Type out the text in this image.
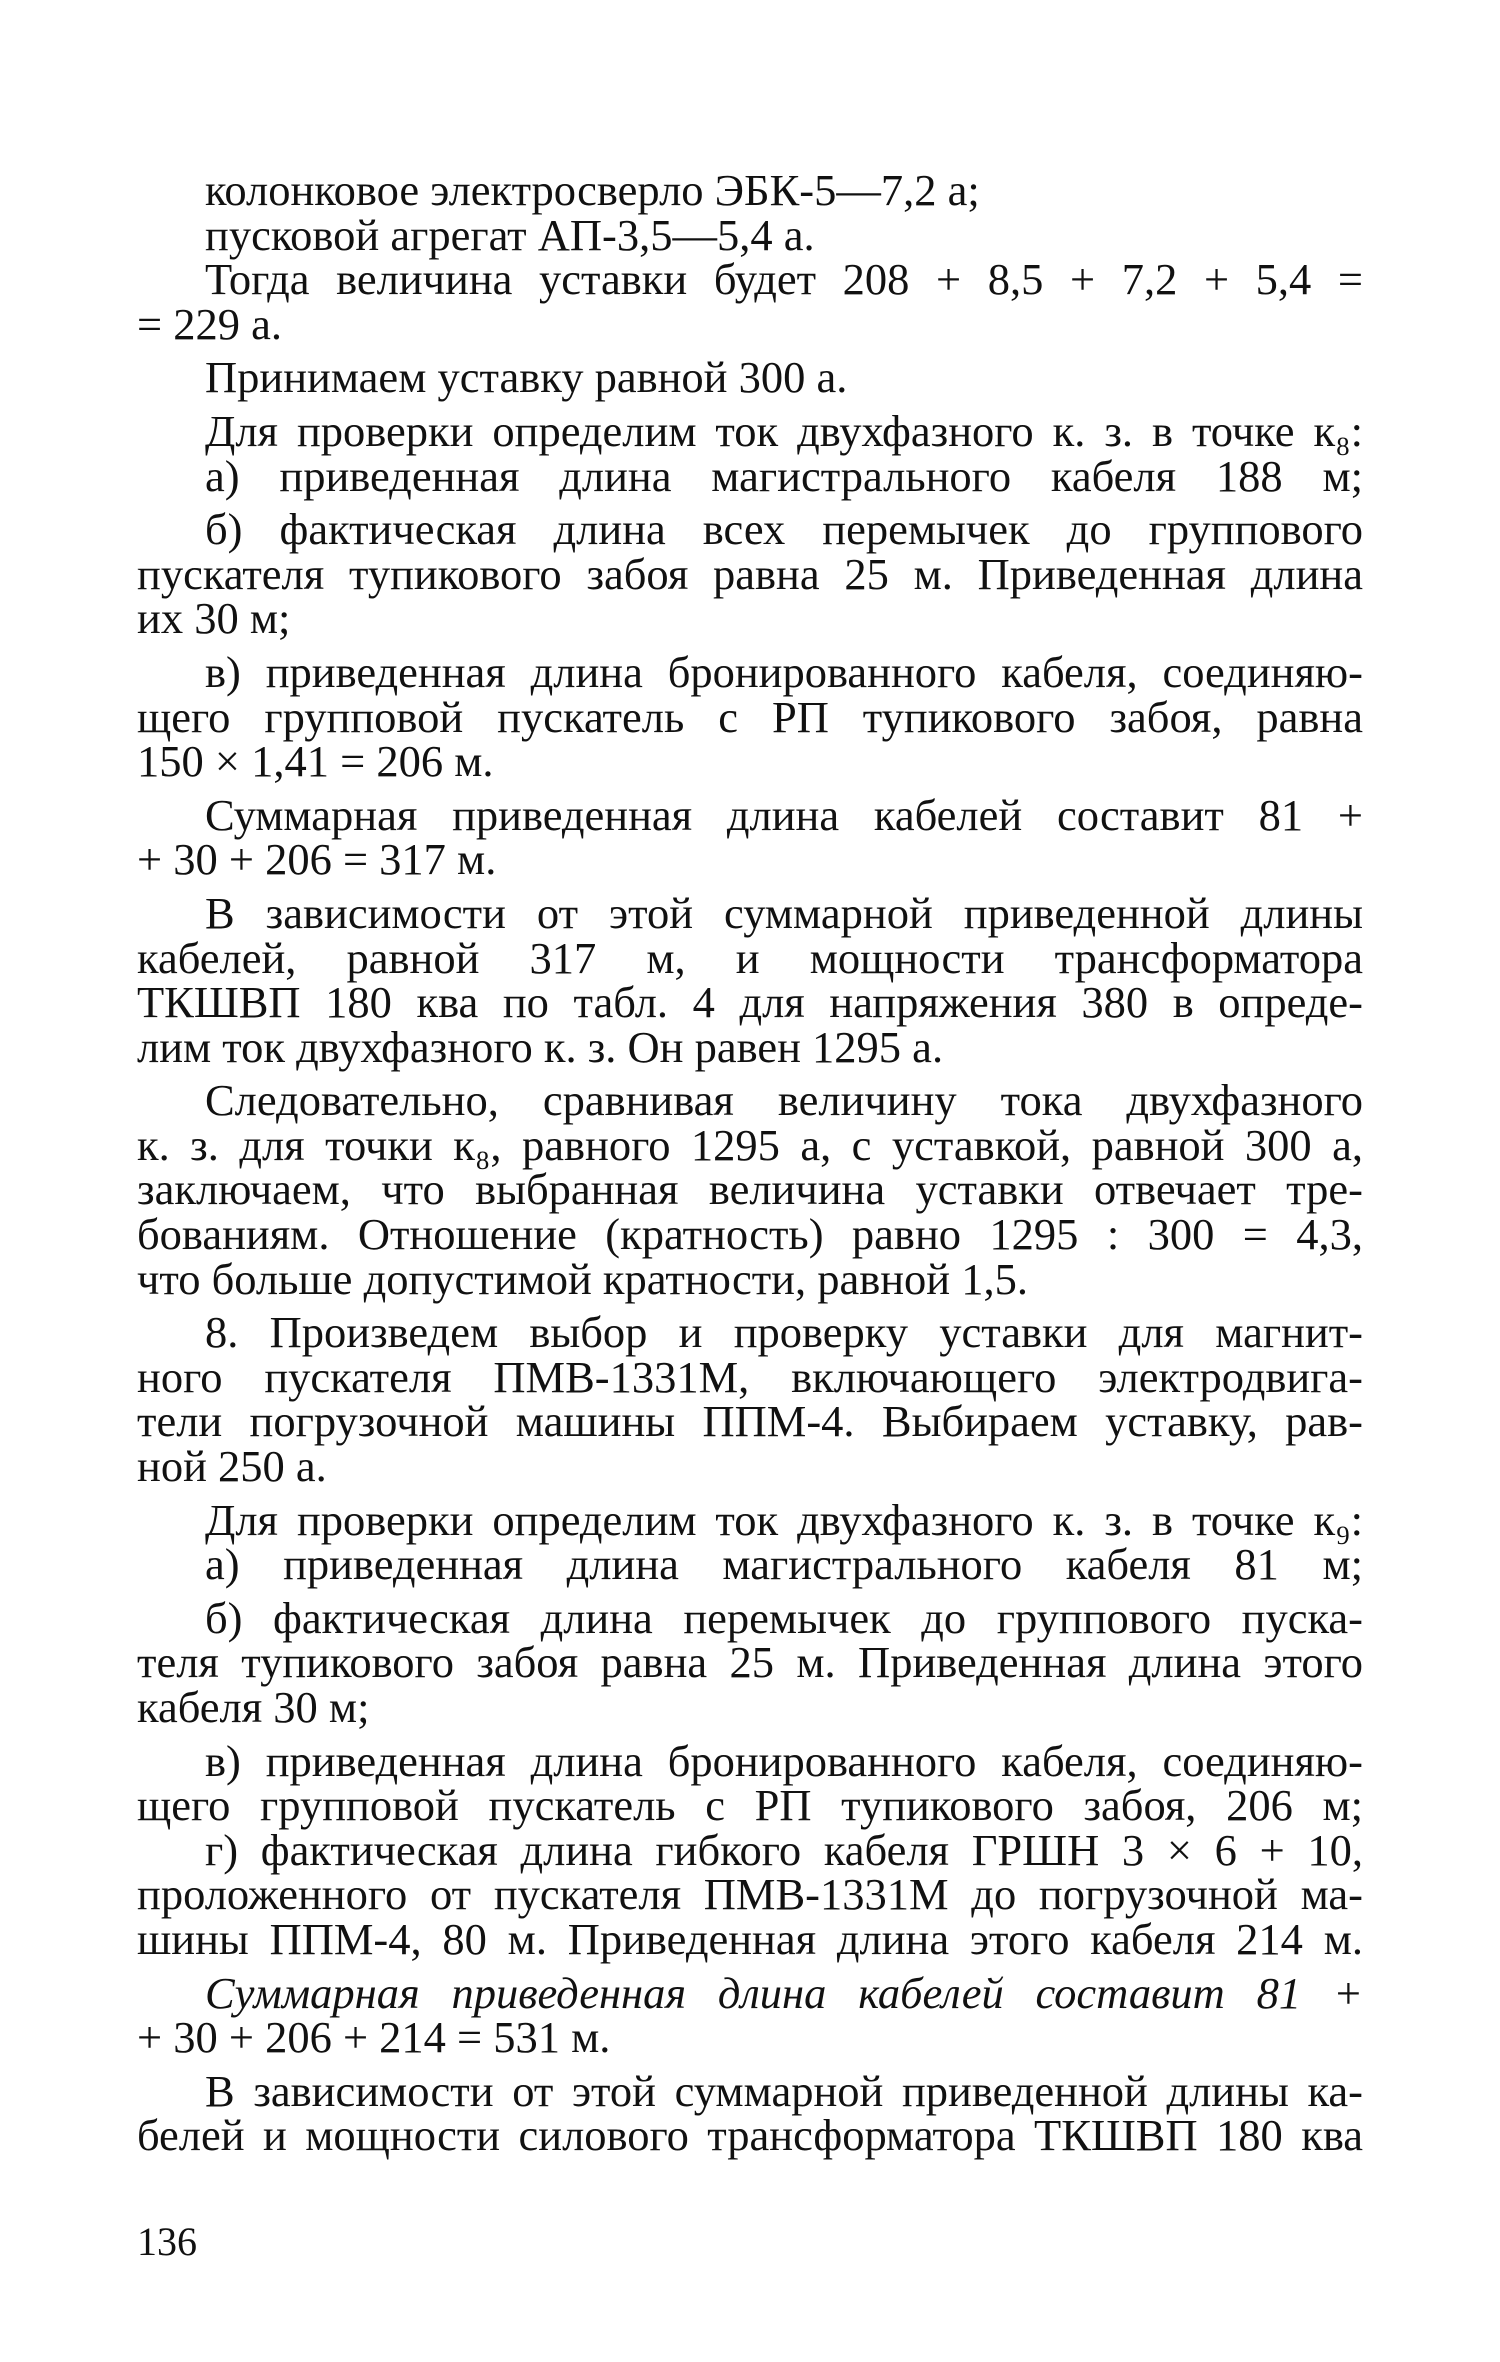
колонковое электросверло ЭБК-5—7,2 а;
пусковой агрегат АП-3,5—5,4 а.
Тогда величина уставки будет 208 + 8,5 + 7,2 + 5,4 =
= 229 а.
Принимаем уставку равной 300 а.
Для проверки определим ток двухфазного к. з. в точке к₈:
а) приведенная длина магистрального кабеля 188 м;
б) фактическая длина всех перемычек до группового
пускателя тупикового забоя равна 25 м. Приведенная длина
их 30 м;
в) приведенная длина бронированного кабеля, соединяю-
щего групповой пускатель с РП тупикового забоя, равна
150 × 1,41 = 206 м.
Суммарная приведенная длина кабелей составит 81 +
+ 30 + 206 = 317 м.
В зависимости от этой суммарной приведенной длины
кабелей, равной 317 м, и мощности трансформатора
ТКШВП 180 ква по табл. 4 для напряжения 380 в опреде-
лим ток двухфазного к. з. Он равен 1295 а.
Следовательно, сравнивая величину тока двухфазного
к. з. для точки к₈, равного 1295 а, с уставкой, равной 300 а,
заключаем, что выбранная величина уставки отвечает тре-
бованиям. Отношение (кратность) равно 1295 : 300 = 4,3,
что больше допустимой кратности, равной 1,5.
8. Произведем выбор и проверку уставки для магнит-
ного пускателя ПМВ-1331М, включающего электродвига-
тели погрузочной машины ППМ-4. Выбираем уставку, рав-
ной 250 а.
Для проверки определим ток двухфазного к. з. в точке к₉:
а) приведенная длина магистрального кабеля 81 м;
б) фактическая длина перемычек до группового пуска-
теля тупикового забоя равна 25 м. Приведенная длина этого
кабеля 30 м;
в) приведенная длина бронированного кабеля, соединяю-
щего групповой пускатель с РП тупикового забоя, 206 м;
г) фактическая длина гибкого кабеля ГРШН 3 × 6 + 10,
проложенного от пускателя ПМВ-1331М до погрузочной ма-
шины ППМ-4, 80 м. Приведенная длина этого кабеля 214 м.
Суммарная приведенная длина кабелей составит 81 +
+ 30 + 206 + 214 = 531 м.
В зависимости от этой суммарной приведенной длины ка-
белей и мощности силового трансформатора ТКШВП 180 ква
136
